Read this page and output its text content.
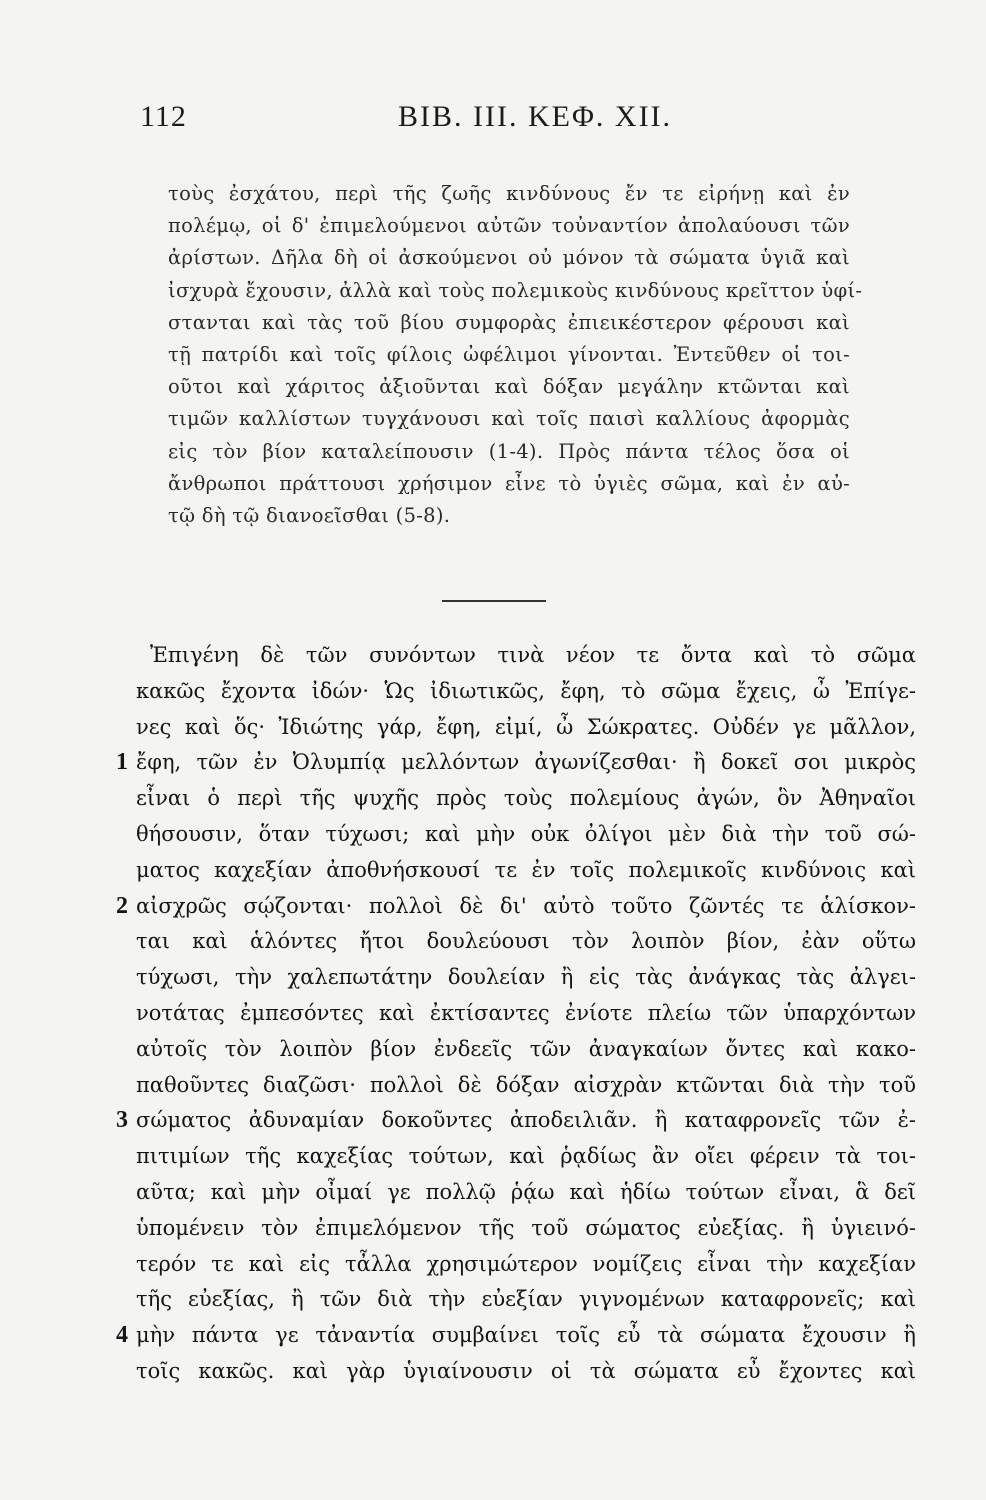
112	ΒΙΒ. ΙΙΙ. ΚΕΦ. ΧΙΙ.
τοὺς ἐσχάτου, περὶ τῆς ζωῆς κινδύνους ἔν τε εἰρήνῃ καὶ ἐν
πολέμῳ, οἱ δ' ἐπιμελούμενοι αὐτῶν τοὐναντίον ἀπολαύουσι τῶν
ἀρίστων. Δῆλα δὴ οἱ ἀσκούμενοι οὐ μόνον τὰ σώματα ὑγιᾶ καὶ
ἰσχυρὰ ἔχουσιν, ἀλλὰ καὶ τοὺς πολεμικοὺς κινδύνους κρεῖττον ὑφί-
στανται καὶ τὰς τοῦ βίου συμφορὰς ἐπιεικέστερον φέρουσι καὶ
τῇ πατρίδι καὶ τοῖς φίλοις ὠφέλιμοι γίνονται. Ἐντεῦθεν οἱ τοι-
οῦτοι καὶ χάριτος ἀξιοῦνται καὶ δόξαν μεγάλην κτῶνται καὶ
τιμῶν καλλίστων τυγχάνουσι καὶ τοῖς παισὶ καλλίους ἀφορμὰς
εἰς τὸν βίον καταλείπουσιν (1-4). Πρὸς πάντα τέλος ὅσα οἱ
ἄνθρωποι πράττουσι χρήσιμον εἶνε τὸ ὑγιὲς σῶμα, καὶ ἐν αὐ-
τῷ δὴ τῷ διανοεῖσθαι (5-8).
Ἐπιγένη δὲ τῶν συνόντων τινὰ νέον τε ὄντα καὶ τὸ σῶμα
κακῶς ἔχοντα ἰδών· Ὡς ἰδιωτικῶς, ἔφη, τὸ σῶμα ἔχεις, ὦ Ἐπίγε-
νες καὶ ὅς· Ἰδιώτης γάρ, ἔφη, εἰμί, ὦ Σώκρατες. Οὐδέν γε μᾶλλον,
1 ἔφη, τῶν ἐν Ὀλυμπίᾳ μελλόντων ἀγωνίζεσθαι· ἢ δοκεῖ σοι μικρὸς
εἶναι ὁ περὶ τῆς ψυχῆς πρὸς τοὺς πολεμίους ἀγών, ὃν Ἀθηναῖοι
θήσουσιν, ὅταν τύχωσι; καὶ μὴν οὐκ ὀλίγοι μὲν διὰ τὴν τοῦ σώ-
ματος καχεξίαν ἀποθνήσκουσί τε ἐν τοῖς πολεμικοῖς κινδύνοις καὶ
2 αἰσχρῶς σῴζονται· πολλοὶ δὲ δι' αὐτὸ τοῦτο ζῶντές τε ἁλίσκον-
ται καὶ ἁλόντες ἤτοι δουλεύουσι τὸν λοιπὸν βίον, ἐὰν οὕτω
τύχωσι, τὴν χαλεπωτάτην δουλείαν ἢ εἰς τὰς ἀνάγκας τὰς ἀλγει-
νοτάτας ἐμπεσόντες καὶ ἐκτίσαντες ἐνίοτε πλείω τῶν ὑπαρχόντων
αὐτοῖς τὸν λοιπὸν βίον ἐνδεεῖς τῶν ἀναγκαίων ὄντες καὶ κακο-
παθοῦντες διαζῶσι· πολλοὶ δὲ δόξαν αἰσχρὰν κτῶνται διὰ τὴν τοῦ
3 σώματος ἀδυναμίαν δοκοῦντες ἀποδειλιᾶν. ἢ καταφρονεῖς τῶν ἐ-
πιτιμίων τῆς καχεξίας τούτων, καὶ ῥᾳδίως ἂν οἴει φέρειν τὰ τοι-
αῦτα; καὶ μὴν οἶμαί γε πολλῷ ῥᾴω καὶ ἡδίω τούτων εἶναι, ἃ δεῖ
ὑπομένειν τὸν ἐπιμελόμενον τῆς τοῦ σώματος εὐεξίας. ἢ ὑγιεινό-
τερόν τε καὶ εἰς τἆλλα χρησιμώτερον νομίζεις εἶναι τὴν καχεξίαν
τῆς εὐεξίας, ἢ τῶν διὰ τὴν εὐεξίαν γιγνομένων καταφρονεῖς; καὶ
4 μὴν πάντα γε τἀναντία συμβαίνει τοῖς εὖ τὰ σώματα ἔχουσιν ἢ
τοῖς κακῶς. καὶ γὰρ ὑγιαίνουσιν οἱ τὰ σώματα εὖ ἔχοντες καὶ
